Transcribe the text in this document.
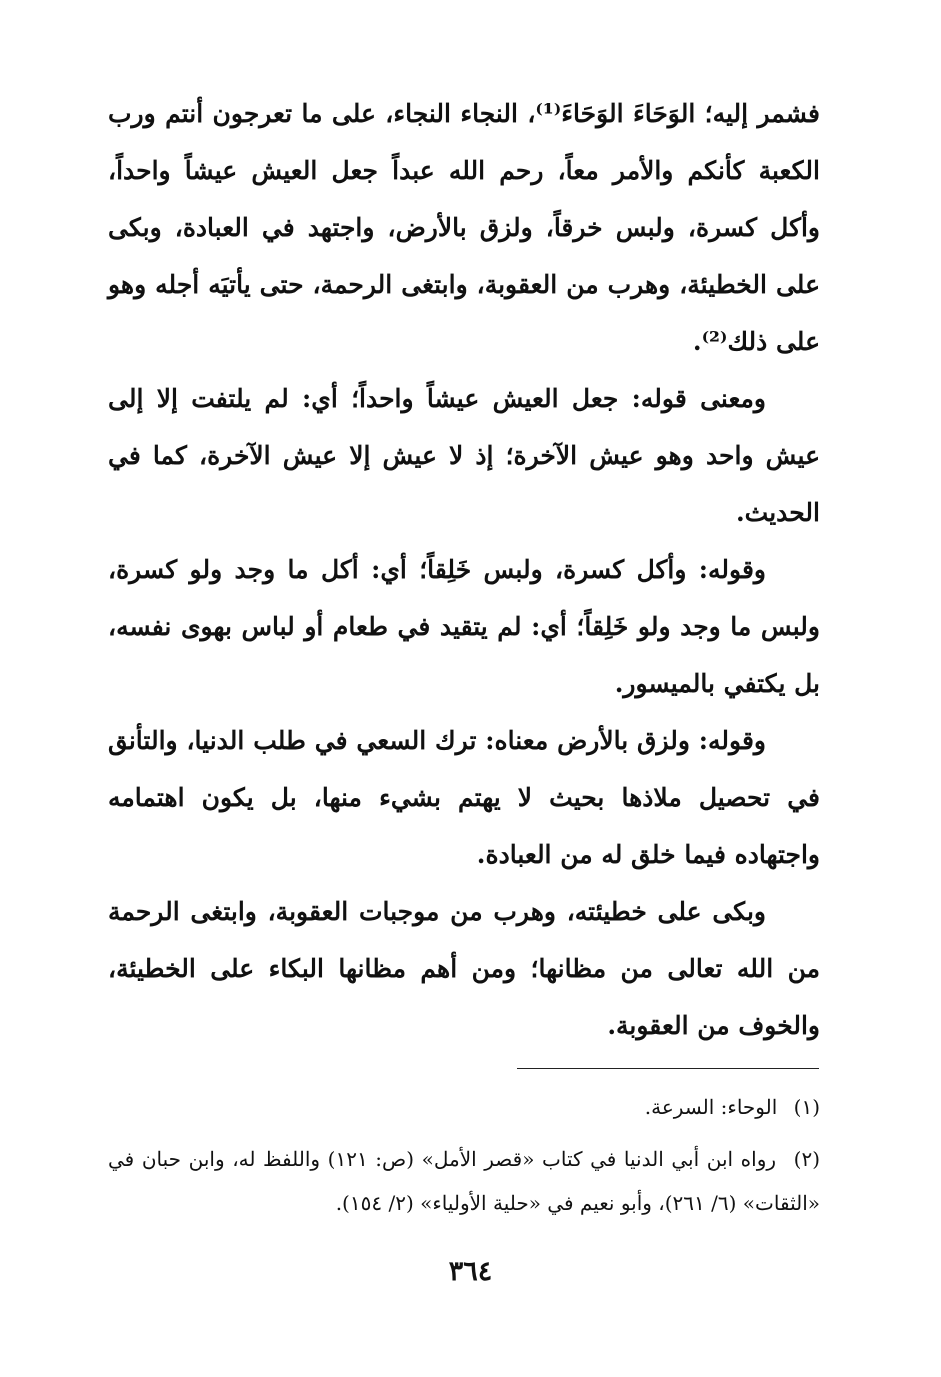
فشمر إليه؛ الوَحَاءَ الوَحَاءَ⁽¹⁾، النجاء النجاء، على ما تعرجون أنتم ورب الكعبة كأنكم والأمر معاً، رحم الله عبداً جعل العيش عيشاً واحداً، وأكل كسرة، ولبس خرقاً، ولزق بالأرض، واجتهد في العبادة، وبكى على الخطيئة، وهرب من العقوبة، وابتغى الرحمة، حتى يأتيَه أجله وهو على ذلك⁽²⁾.

ومعنى قوله: جعل العيش عيشاً واحداً؛ أي: لم يلتفت إلا إلى عيش واحد وهو عيش الآخرة؛ إذ لا عيش إلا عيش الآخرة، كما في الحديث.

وقوله: وأكل كسرة، ولبس خَلِقاً؛ أي: أكل ما وجد ولو كسرة، ولبس ما وجد ولو خَلِقاً؛ أي: لم يتقيد في طعام أو لباس بهوى نفسه، بل يكتفي بالميسور.

وقوله: ولزق بالأرض معناه: ترك السعي في طلب الدنيا، والتأنق في تحصيل ملاذها بحيث لا يهتم بشيء منها، بل يكون اهتمامه واجتهاده فيما خلق له من العبادة.

وبكى على خطيئته، وهرب من موجبات العقوبة، وابتغى الرحمة من الله تعالى من مظانها؛ ومن أهم مظانها البكاء على الخطيئة، والخوف من العقوبة.

(١) الوحاء: السرعة.
(٢) رواه ابن أبي الدنيا في كتاب «قصر الأمل» (ص: ١٢١) واللفظ له، وابن حبان في «الثقات» (٦/ ٢٦١)، وأبو نعيم في «حلية الأولياء» (٢/ ١٥٤).
٣٦٤
